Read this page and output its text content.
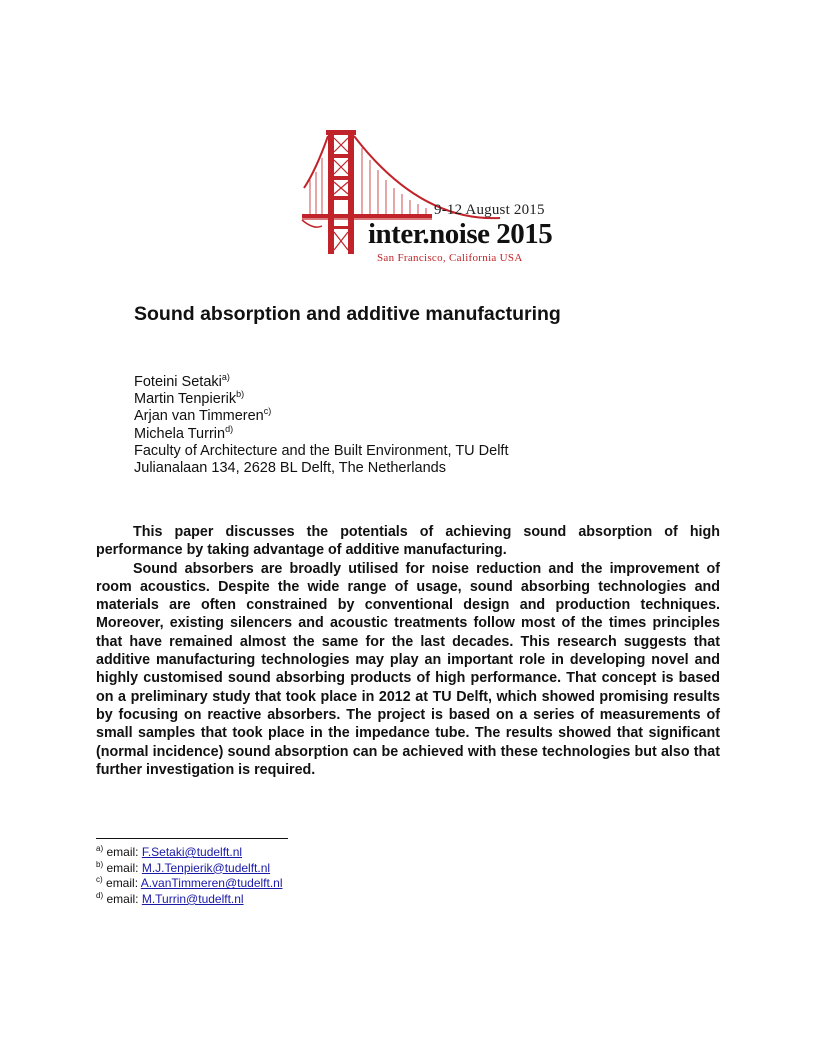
9-12 August 2015
inter.noise 2015
San Francisco, California USA
Sound absorption and additive manufacturing
Foteini Setaki$^{a)}$
Martin Tenpierik$^{b)}$
Arjan van Timmeren$^{c)}$
Michela Turrin$^{d)}$
Faculty of Architecture and the Built Environment, TU Delft
Julianalaan 134, 2628 BL Delft, The Netherlands

This paper discusses the potentials of achieving sound absorption of high performance by taking advantage of additive manufacturing.

Sound absorbers are broadly utilised for noise reduction and the improvement of room acoustics. Despite the wide range of usage, sound absorbing technologies and materials are often constrained by conventional design and production techniques. Moreover, existing silencers and acoustic treatments follow most of the times principles that have remained almost the same for the last decades. This research suggests that additive manufacturing technologies may play an important role in developing novel and highly customised sound absorbing products of high performance. That concept is based on a preliminary study that took place in 2012 at TU Delft, which showed promising results by focusing on reactive absorbers. The project is based on a series of measurements of small samples that took place in the impedance tube. The results showed that significant (normal incidence) sound absorption can be achieved with these technologies but also that further investigation is required.

$^{a)}$ email: F.Setaki@tudelft.nl
$^{b)}$ email: M.J.Tenpierik@tudelft.nl
$^{c)}$ email: A.vanTimmeren@tudelft.nl
$^{d)}$ email: M.Turrin@tudelft.nl
